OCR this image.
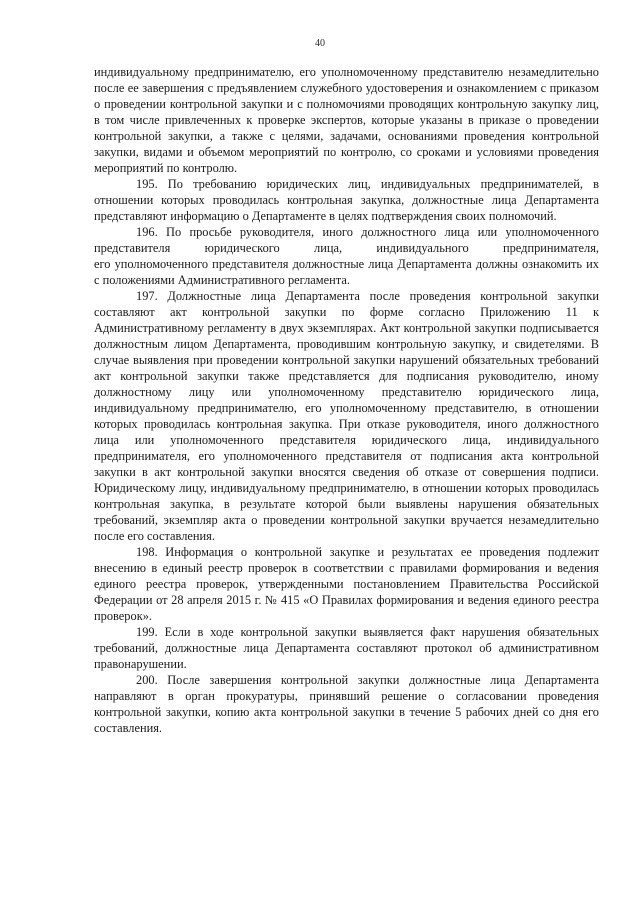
40

индивидуальному предпринимателю, его уполномоченному представителю незамедлительно после ее завершения с предъявлением служебного удостоверения и ознакомлением с приказом о проведении контрольной закупки и с полномочиями проводящих контрольную закупку лиц, в том числе привлеченных к проверке экспертов, которые указаны в приказе о проведении контрольной закупки, а также с целями, задачами, основаниями проведения контрольной закупки, видами и объемом мероприятий по контролю, со сроками и условиями проведения мероприятий по контролю.

195. По требованию юридических лиц, индивидуальных предпринимателей, в отношении которых проводилась контрольная закупка, должностные лица Департамента представляют информацию о Департаменте в целях подтверждения своих полномочий.

196. По просьбе руководителя, иного должностного лица или уполномоченного представителя юридического лица, индивидуального предпринимателя,

его уполномоченного представителя должностные лица Департамента должны ознакомить их с положениями Административного регламента.

197. Должностные лица Департамента после проведения контрольной закупки составляют акт контрольной закупки по форме согласно Приложению 11 к Административному регламенту в двух экземплярах. Акт контрольной закупки подписывается должностным лицом Департамента, проводившим контрольную закупку, и свидетелями. В случае выявления при проведении контрольной закупки нарушений обязательных требований акт контрольной закупки также представляется для подписания руководителю, иному должностному лицу или уполномоченному представителю юридического лица, индивидуальному предпринимателю, его уполномоченному представителю, в отношении которых проводилась контрольная закупка. При отказе руководителя, иного должностного лица или уполномоченного представителя юридического лица, индивидуального предпринимателя, его уполномоченного представителя от подписания акта контрольной закупки в акт контрольной закупки вносятся сведения об отказе от совершения подписи. Юридическому лицу, индивидуальному предпринимателю, в отношении которых проводилась контрольная закупка, в результате которой были выявлены нарушения обязательных требований, экземпляр акта о проведении контрольной закупки вручается незамедлительно после его составления.

198. Информация о контрольной закупке и результатах ее проведения подлежит внесению в единый реестр проверок в соответствии с правилами формирования и ведения единого реестра проверок, утвержденными постановлением Правительства Российской Федерации от 28 апреля 2015 г. № 415 «О Правилах формирования и ведения единого реестра проверок».

199. Если в ходе контрольной закупки выявляется факт нарушения обязательных требований, должностные лица Департамента составляют протокол об административном правонарушении.

200. После завершения контрольной закупки должностные лица Департамента направляют в орган прокуратуры, принявший решение о согласовании проведения контрольной закупки, копию акта контрольной закупки в течение 5 рабочих дней со дня его составления.
